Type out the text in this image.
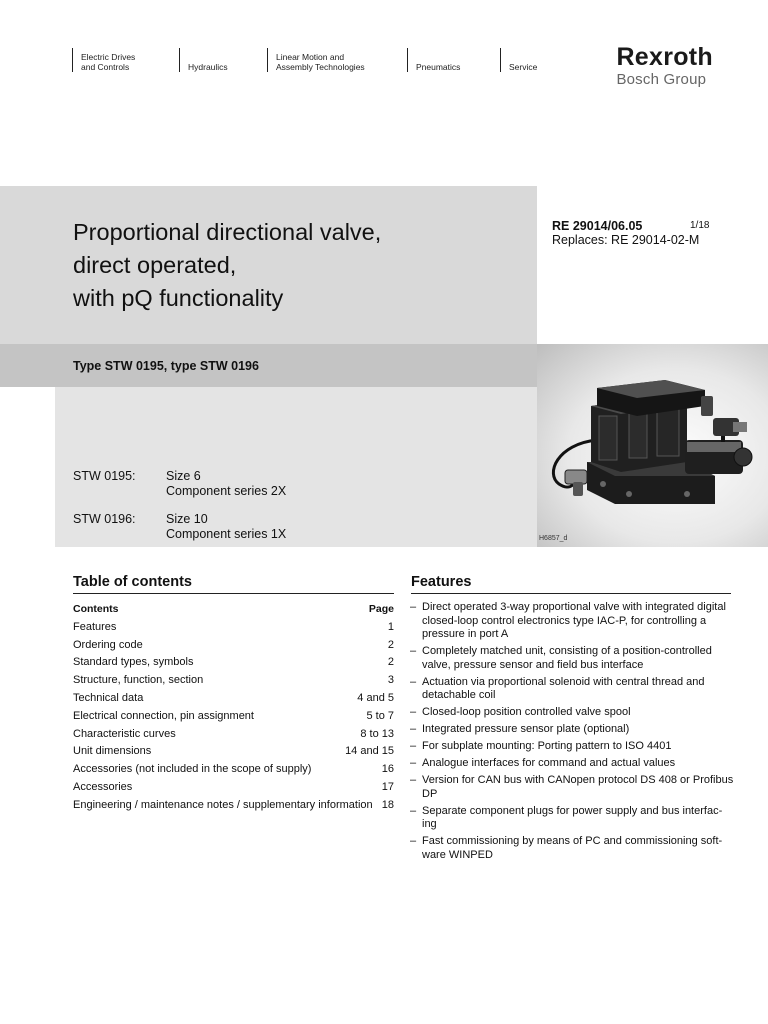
Electric Drives
and Controls	Hydraulics
Linear Motion and
Assembly Technologies	Pneumatics	Service	Rexroth
Bosch Group
Proportional directional valve,
direct operated,
with pQ functionality
RE 29014/06.05
Replaces: RE 29014-02-M
1/18
Type STW 0195, type STW 0196
STW 0195: Size 6
Component series 2X
STW 0196: Size 10
Component series 1X	H6857_d
Table of contents
Contents	Page
Features	1
Ordering code	2
Standard types, symbols	2
Structure, function, section	3
Technical data	4 and 5
Electrical connection, pin assignment	5 to 7
Characteristic curves	8 to 13
Unit dimensions	14 and 15
Accessories (not included in the scope of supply)	16
Accessories	17
Engineering / maintenance notes / supplementary information 18
Features
– Direct operated 3-way proportional valve with integrated digital closed-loop control electronics type IAC-P, for controlling a pressure in port A
– Completely matched unit, consisting of a position-controlled valve, pressure sensor and field bus interface
– Actuation via proportional solenoid with central thread and detachable coil
– Closed-loop position controlled valve spool
– Integrated pressure sensor plate (optional)
– For subplate mounting: Porting pattern to ISO 4401
– Analogue interfaces for command and actual values
– Version for CAN bus with CANopen protocol DS 408 or Profibus DP
– Separate component plugs for power supply and bus interfac-ing
– Fast commissioning by means of PC and commissioning soft-ware WINPED
